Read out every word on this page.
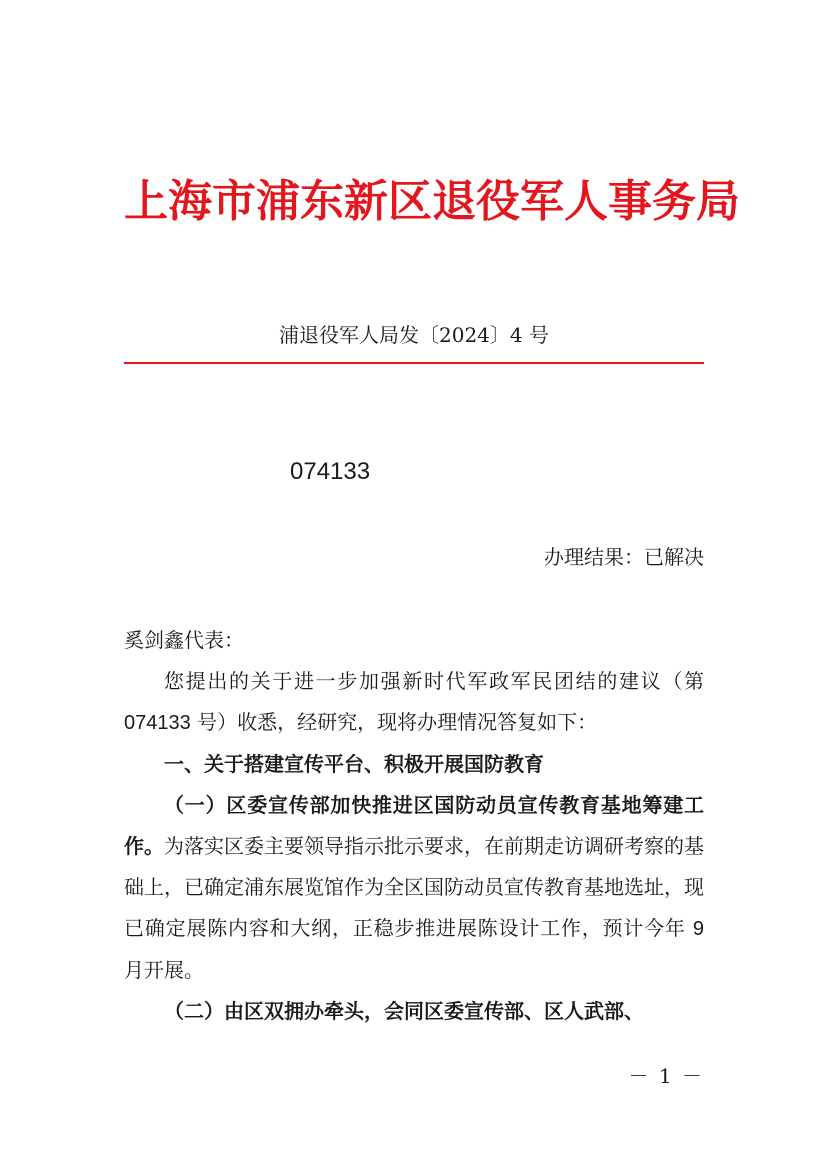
上 海 市 浦 东 新 区 退 役 军 人 事 务 局
浦退役军人局发〔2024〕4 号
074133
办理结果：已解决

奚剑鑫代表：

您提出的关于进一步加强新时代军政军民团结的建议（第 074133 号）收悉，经研究，现将办理情况答复如下：

一、关于搭建宣传平台、积极开展国防教育

（一）区委宣传部加快推进区国防动员宣传教育基地筹建工作。为落实区委主要领导指示批示要求，在前期走访调研考察的基础上，已确定浦东展览馆作为全区国防动员宣传教育基地选址，现已确定展陈内容和大纲，正稳步推进展陈设计工作，预计今年 9 月开展。

（二）由区双拥办牵头，会同区委宣传部、区人武部、

－ 1 －
